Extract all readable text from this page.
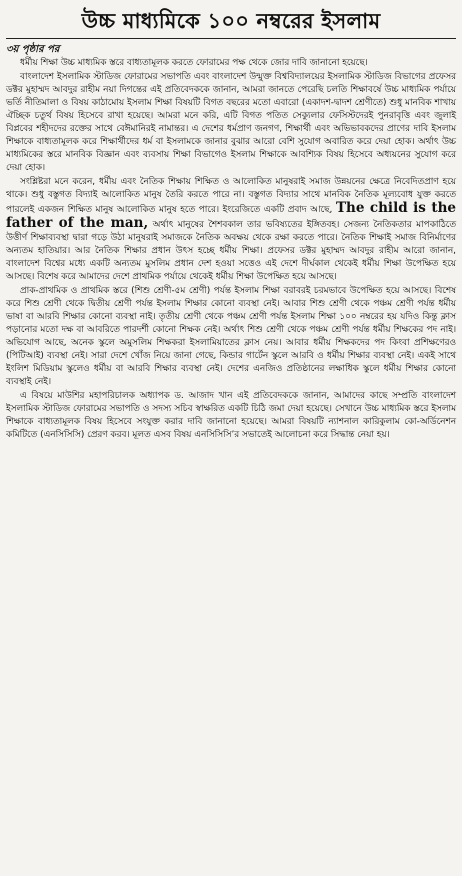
উচ্চ মাধ্যমিকে ১০০ নম্বরের ইসলাম
৩য় পৃষ্ঠার পর

ধর্মীয় শিক্ষা উচ্চ মাধ্যমিক স্তরে বাধ্যতামূলক করতে ফোরামের পক্ষ থেকে জোর দাবি জানানো হয়েছে।

বাংলাদেশ ইসলামিক স্টাডিজ ফোরামের সভাপতি এবং বাংলাদেশ উন্মুক্ত বিশ্ববিদ্যালয়ের ইসলামিক স্টাডিজ বিভাগের প্রফেসর ডক্টর মুহাম্মদ আবদুর রাহীম নয়া দিগন্তের এই প্রতিবেদককে জানান, আমরা জানতে পেরেছি চলতি শিক্ষাবর্ষে উচ্চ মাধ্যমিক পর্যায়ে ভর্তি নীতিমালা ও বিষয় কাঠামোয় ইসলাম শিক্ষা বিষয়টি বিগত বছরের মতো এবারো (একাদশ-দ্বাদশ শ্রেণীতে) শুধু মানবিক শাখায় ঐচ্ছিক চতুর্থ বিষয় হিসেবে রাখা হয়েছে। আমরা মনে করি, এটি বিগত পতিত সেক্যুলার ফেসিস্টদেরই পুনরাবৃত্তি এবং জুলাই বিপ্লবের শহীদদের রক্তের সাথে বেঈমানিরই নামান্তর। এ দেশের ধর্মপ্রাণ জনগণ, শিক্ষার্থী এবং অভিভাবকদের প্রাণের দাবি ইসলাম শিক্ষাকে বাধ্যতামূলক করে শিক্ষার্থীদের ধর্ম বা ইসলামকে জানার বুঝার আরো বেশি সুযোগ অবারিত করে দেয়া হোক। অর্থাৎ উচ্চ মাধ্যমিকের স্তরে মানবিক বিজ্ঞান এবং ব্যবসায় শিক্ষা বিভাগেও ইসলাম শিক্ষাকে আবশ্যিক বিষয় হিসেবে অধ্যয়নের সুযোগ করে দেয়া হোক।

সংশ্লিষ্টরা মনে করেন, ধর্মীয় এবং নৈতিক শিক্ষায় শিক্ষিত ও আলোকিত মানুষরাই সমাজ উন্নয়নের ক্ষেত্রে নিবেদিতপ্রাণ হয়ে থাকে। শুধু বস্তুগত বিদ্যাই আলোকিত মানুষ তৈরি করতে পারে না। বস্তুগত বিদ্যার সাথে মানবিক নৈতিক মূল্যবোধ যুক্ত করতে পারলেই একজন শিক্ষিত মানুষ আলোকিত মানুষ হতে পারে। ইংরেজিতে একটি প্রবাদ আছে, The child is the father of the man, অর্থাৎ মানুষের শৈশবকাল তার ভবিষ্যতের ইঙ্গিতবহ। সেজন্য নৈতিকতার মাপকাঠিতে উত্তীর্ণ শিক্ষাব্যবস্থা দ্বারা গড়ে উঠা মানুষরাই সমাজকে নৈতিক অবক্ষয় থেকে রক্ষা করতে পারে। নৈতিক শিক্ষাই সমাজ বিনির্মাণের অন্যতম হাতিয়ার। আর নৈতিক শিক্ষার প্রধান উৎস হচ্ছে ধর্মীয় শিক্ষা। প্রফেসর ডক্টর মুহাম্মদ আবদুর রাহীম আরো জানান, বাংলাদেশ বিশ্বের মধ্যে একটি অন্যতম মুসলিম প্রধান দেশ হওয়া সত্তেও এই দেশে দীর্ঘকাল থেকেই ধর্মীয় শিক্ষা উপেক্ষিত হয়ে আসছে। বিশেষ করে আমাদের দেশে প্রাথমিক পর্যায়ে থেকেই ধর্মীয় শিক্ষা উপেক্ষিত হয়ে আসছে।

প্রাক-প্রাথমিক ও প্রাথমিক স্তরে (শিশু শ্রেণী-৫ম শ্রেণী) পর্যন্ত ইসলাম শিক্ষা বরাবরই চরমভাবে উপেক্ষিত হয়ে আসছে। বিশেষ করে শিশু শ্রেণী থেকে দ্বিতীয় শ্রেণী পর্যন্ত ইসলাম শিক্ষার কোনো ব্যবস্থা নেই। আবার শিশু শ্রেণী থেকে পঞ্চম শ্রেণী পর্যন্ত ধর্মীয় ভাষা বা আরবি শিক্ষার কোনো ব্যবস্থা নাই। তৃতীয় শ্রেণী থেকে পঞ্চম শ্রেণী পর্যন্ত ইসলাম শিক্ষা ১০০ নম্বরের হয় যদিও কিন্তু ক্লাস পড়ানোর মতো দক্ষ বা আবরিতে পারদর্শী কোনো শিক্ষক নেই। অর্থাৎ শিশু শ্রেণী থেকে পঞ্চম শ্রেণী পর্যন্ত ধর্মীয় শিক্ষকের পদ নাই। অভিযোগ আছে, অনেক স্কুলে অমুসলিম শিক্ষকরা ইসলামিয়াতের ক্লাস নেয়। আবার ধর্মীয় শিক্ষকদের পদ কিংবা প্রশিক্ষণেরও (পিটিআই) ব্যবস্থা নেই। সারা দেশে খোঁজ নিয়ে জানা গেছে, কিন্ডার গার্টেন স্কুলে আরবি ও ধর্মীয় শিক্ষার ব্যবস্থা নেই। একই সাথে ইংলিশ মিডিয়াম স্কুলেও ধর্মীয় বা আরবি শিক্ষার ব্যবস্থা নেই। দেশের এনজিও প্রতিষ্ঠানের লক্ষাধিক স্কুলে ধর্মীয় শিক্ষার কোনো ব্যবস্থাই নেই।

এ বিষয়ে মাউশির মহাপরিচালক অধ্যাপক ড. আজাদ খান এই প্রতিবেদককে জানান, আমাদের কাছে সম্প্রতি বাংলাদেশ ইসলামিক স্টাডিজ ফোরামের সভাপতি ও সদস্য সচিব স্বাক্ষরিত একটি চিঠি জমা দেয়া হয়েছে। সেখানে উচ্চ মাধ্যমিক স্তরে ইসলাম শিক্ষাকে বাধ্যতামূলক বিষয় হিসেবে সংযুক্ত করার দাবি জানানো হয়েছে। আমরা বিষয়টি ন্যাশনাল কারিকুলাম কো-অর্ডিনেশন কমিটিতে (এনসিসিসি) প্রেরণ করব। মূলত এসব বিষয় এনসিসিসি’র সভাতেই আলোচনা করে সিদ্ধান্ত নেয়া হয়।
